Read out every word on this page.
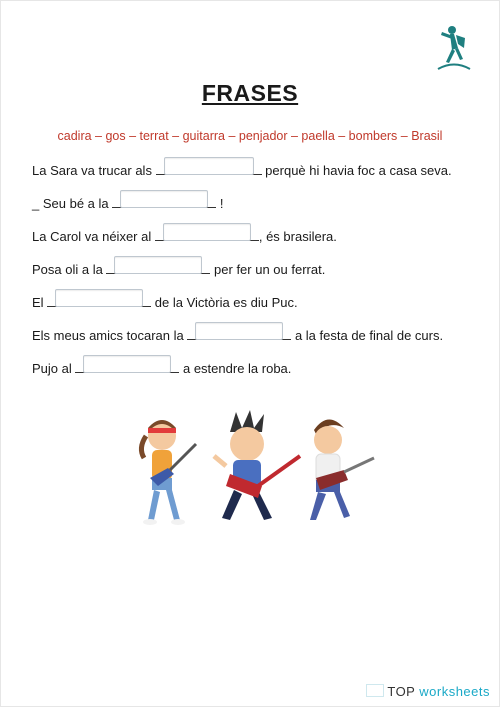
FRASES
cadira – gos – terrat – guitarra – penjador – paella – bombers – Brasil
La Sara va trucar als	perquè hi havia foc a casa seva.
_ Seu bé a la	!
La Carol va néixer al	, és brasilera.
Posa oli a la	per fer un ou ferrat.
El	de la Victòria es diu Puc.
Els meus amics tocaran la	a la festa de final de curs.
Pujo al	a estendre la roba.
TOP worksheets
